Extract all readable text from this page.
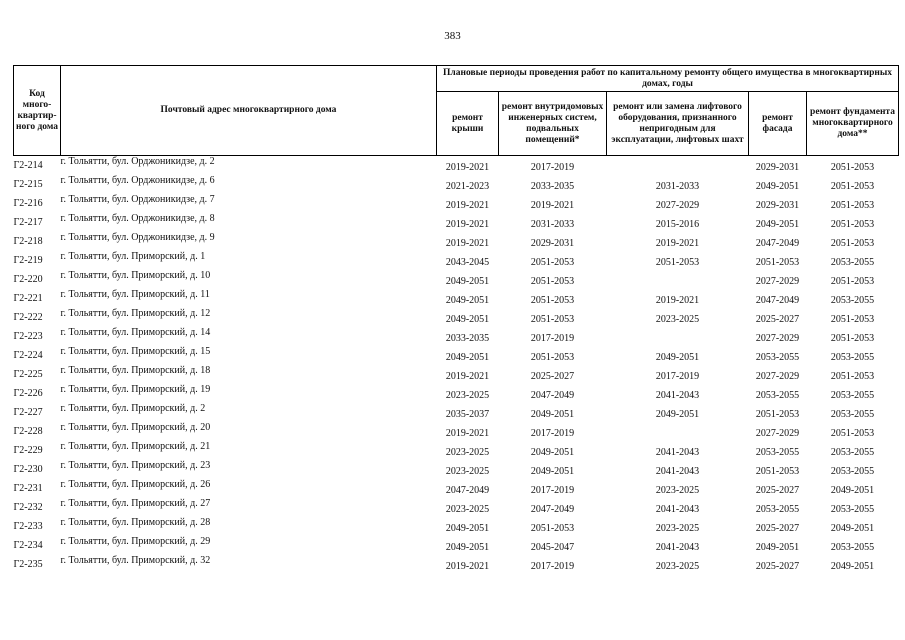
383
Код много-квартир-ного дома	Почтовый адрес многоквартирного дома	Плановые периоды проведения работ по капитальному ремонту общего имущества в многоквартирных домах, годы				
		ремонт крыши	ремонт внутридомовых инженерных систем, подвальных помещений*	ремонт или замена лифтового оборудования, признанного непригодным для эксплуатации, лифтовых шахт	ремонт фасада	ремонт фундамента многоквартирного дома**
Г2-214	г. Тольятти, бул. Орджоникидзе, д. 2	2019-2021	2017-2019		2029-2031	2051-2053
Г2-215	г. Тольятти, бул. Орджоникидзе, д. 6	2021-2023	2033-2035	2031-2033	2049-2051	2051-2053
Г2-216	г. Тольятти, бул. Орджоникидзе, д. 7	2019-2021	2019-2021	2027-2029	2029-2031	2051-2053
Г2-217	г. Тольятти, бул. Орджоникидзе, д. 8	2019-2021	2031-2033	2015-2016	2049-2051	2051-2053
Г2-218	г. Тольятти, бул. Орджоникидзе, д. 9	2019-2021	2029-2031	2019-2021	2047-2049	2051-2053
Г2-219	г. Тольятти, бул. Приморский, д. 1	2043-2045	2051-2053	2051-2053	2051-2053	2053-2055
Г2-220	г. Тольятти, бул. Приморский, д. 10	2049-2051	2051-2053		2027-2029	2051-2053
Г2-221	г. Тольятти, бул. Приморский, д. 11	2049-2051	2051-2053	2019-2021	2047-2049	2053-2055
Г2-222	г. Тольятти, бул. Приморский, д. 12	2049-2051	2051-2053	2023-2025	2025-2027	2051-2053
Г2-223	г. Тольятти, бул. Приморский, д. 14	2033-2035	2017-2019		2027-2029	2051-2053
Г2-224	г. Тольятти, бул. Приморский, д. 15	2049-2051	2051-2053	2049-2051	2053-2055	2053-2055
Г2-225	г. Тольятти, бул. Приморский, д. 18	2019-2021	2025-2027	2017-2019	2027-2029	2051-2053
Г2-226	г. Тольятти, бул. Приморский, д. 19	2023-2025	2047-2049	2041-2043	2053-2055	2053-2055
Г2-227	г. Тольятти, бул. Приморский, д. 2	2035-2037	2049-2051	2049-2051	2051-2053	2053-2055
Г2-228	г. Тольятти, бул. Приморский, д. 20	2019-2021	2017-2019		2027-2029	2051-2053
Г2-229	г. Тольятти, бул. Приморский, д. 21	2023-2025	2049-2051	2041-2043	2053-2055	2053-2055
Г2-230	г. Тольятти, бул. Приморский, д. 23	2023-2025	2049-2051	2041-2043	2051-2053	2053-2055
Г2-231	г. Тольятти, бул. Приморский, д. 26	2047-2049	2017-2019	2023-2025	2025-2027	2049-2051
Г2-232	г. Тольятти, бул. Приморский, д. 27	2023-2025	2047-2049	2041-2043	2053-2055	2053-2055
Г2-233	г. Тольятти, бул. Приморский, д. 28	2049-2051	2051-2053	2023-2025	2025-2027	2049-2051
Г2-234	г. Тольятти, бул. Приморский, д. 29	2049-2051	2045-2047	2041-2043	2049-2051	2053-2055
Г2-235	г. Тольятти, бул. Приморский, д. 32	2019-2021	2017-2019	2023-2025	2025-2027	2049-2051
